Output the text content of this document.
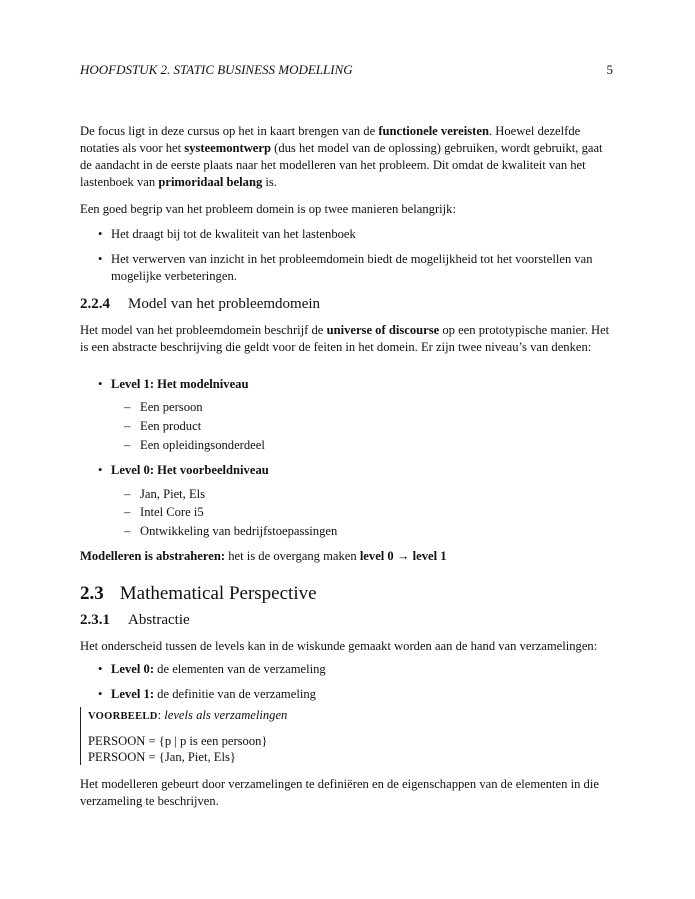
HOOFDSTUK 2. STATIC BUSINESS MODELLING	5

De focus ligt in deze cursus op het in kaart brengen van de functionele vereisten. Hoewel dezelfde notaties als voor het systeemontwerp (dus het model van de oplossing) gebruiken, wordt gebruikt, gaat de aandacht in de eerste plaats naar het modelleren van het probleem. Dit omdat de kwaliteit van het lastenboek van primoridaal belang is.

Een goed begrip van het probleem domein is op twee manieren belangrijk:
• Het draagt bij tot de kwaliteit van het lastenboek
• Het verwerven van inzicht in het probleemdomein biedt de mogelijkheid tot het voorstellen van mogelijke verbeteringen.
2.2.4 Model van het probleemdomein

Het model van het probleemdomein beschrijf de universe of discourse op een prototypische manier. Het is een abstracte beschrijving die geldt voor de feiten in het domein. Er zijn twee niveau’s van denken:

• Level 1: Het modelniveau
– Een persoon
– Een product
– Een opleidingsonderdeel
• Level 0: Het voorbeeldniveau
– Jan, Piet, Els
– Intel Core i5
– Ontwikkeling van bedrijfstoepassingen

Modelleren is abstraheren: het is de overgang maken level 0 → level 1

2.3 Mathematical Perspective
2.3.1 Abstractie
Het onderscheid tussen de levels kan in de wiskunde gemaakt worden aan de hand van verzamelingen:
• Level 0: de elementen van de verzameling
• Level 1: de definitie van de verzameling
VOORBEELD: levels als verzamelingen
PERSOON = {p | p is een persoon}
PERSOON = {Jan, Piet, Els}
Het modelleren gebeurt door verzamelingen te definiëren en de eigenschappen van de elementen in die verzameling te beschrijven.
